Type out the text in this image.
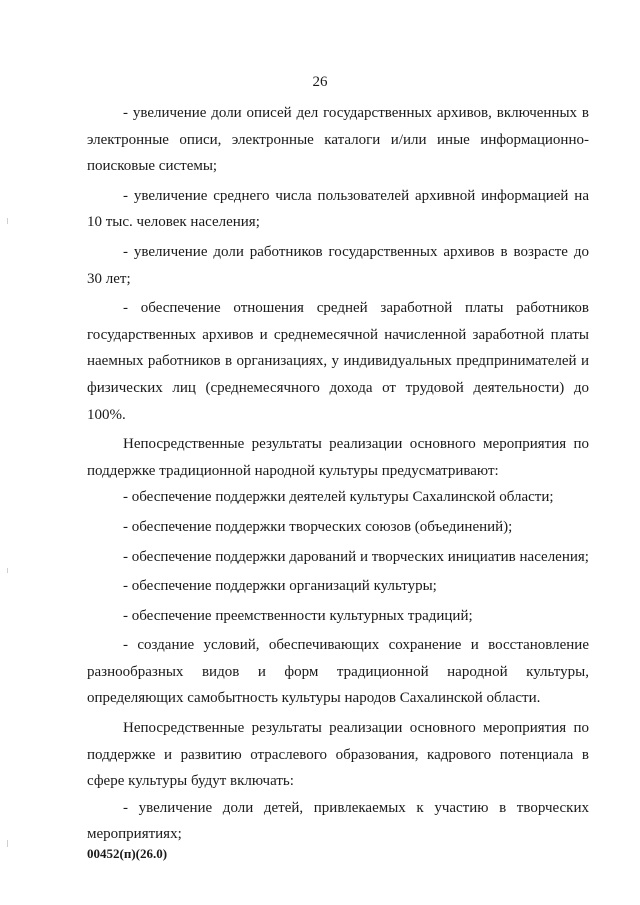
26

- увеличение доли описей дел государственных архивов, включенных в электронные описи, электронные каталоги и/или иные информационно-поисковые системы;

- увеличение среднего числа пользователей архивной информацией на 10 тыс. человек населения;

- увеличение доли работников государственных архивов в возрасте до 30 лет;

- обеспечение отношения средней заработной платы работников государственных архивов и среднемесячной начисленной заработной платы наемных работников в организациях, у индивидуальных предпринимателей и физических лиц (среднемесячного дохода от трудовой деятельности) до 100%.

Непосредственные результаты реализации основного мероприятия по поддержке традиционной народной культуры предусматривают:

- обеспечение поддержки деятелей культуры Сахалинской области;

- обеспечение поддержки творческих союзов (объединений);

- обеспечение поддержки дарований и творческих инициатив населения;

- обеспечение поддержки организаций культуры;

- обеспечение преемственности культурных традиций;

- создание условий, обеспечивающих сохранение и восстановление разнообразных видов и форм традиционной народной культуры, определяющих самобытность культуры народов Сахалинской области.

Непосредственные результаты реализации основного мероприятия по поддержке и развитию отраслевого образования, кадрового потенциала в сфере культуры будут включать:

- увеличение доли детей, привлекаемых к участию в творческих мероприятиях;

00452(п)(26.0)
